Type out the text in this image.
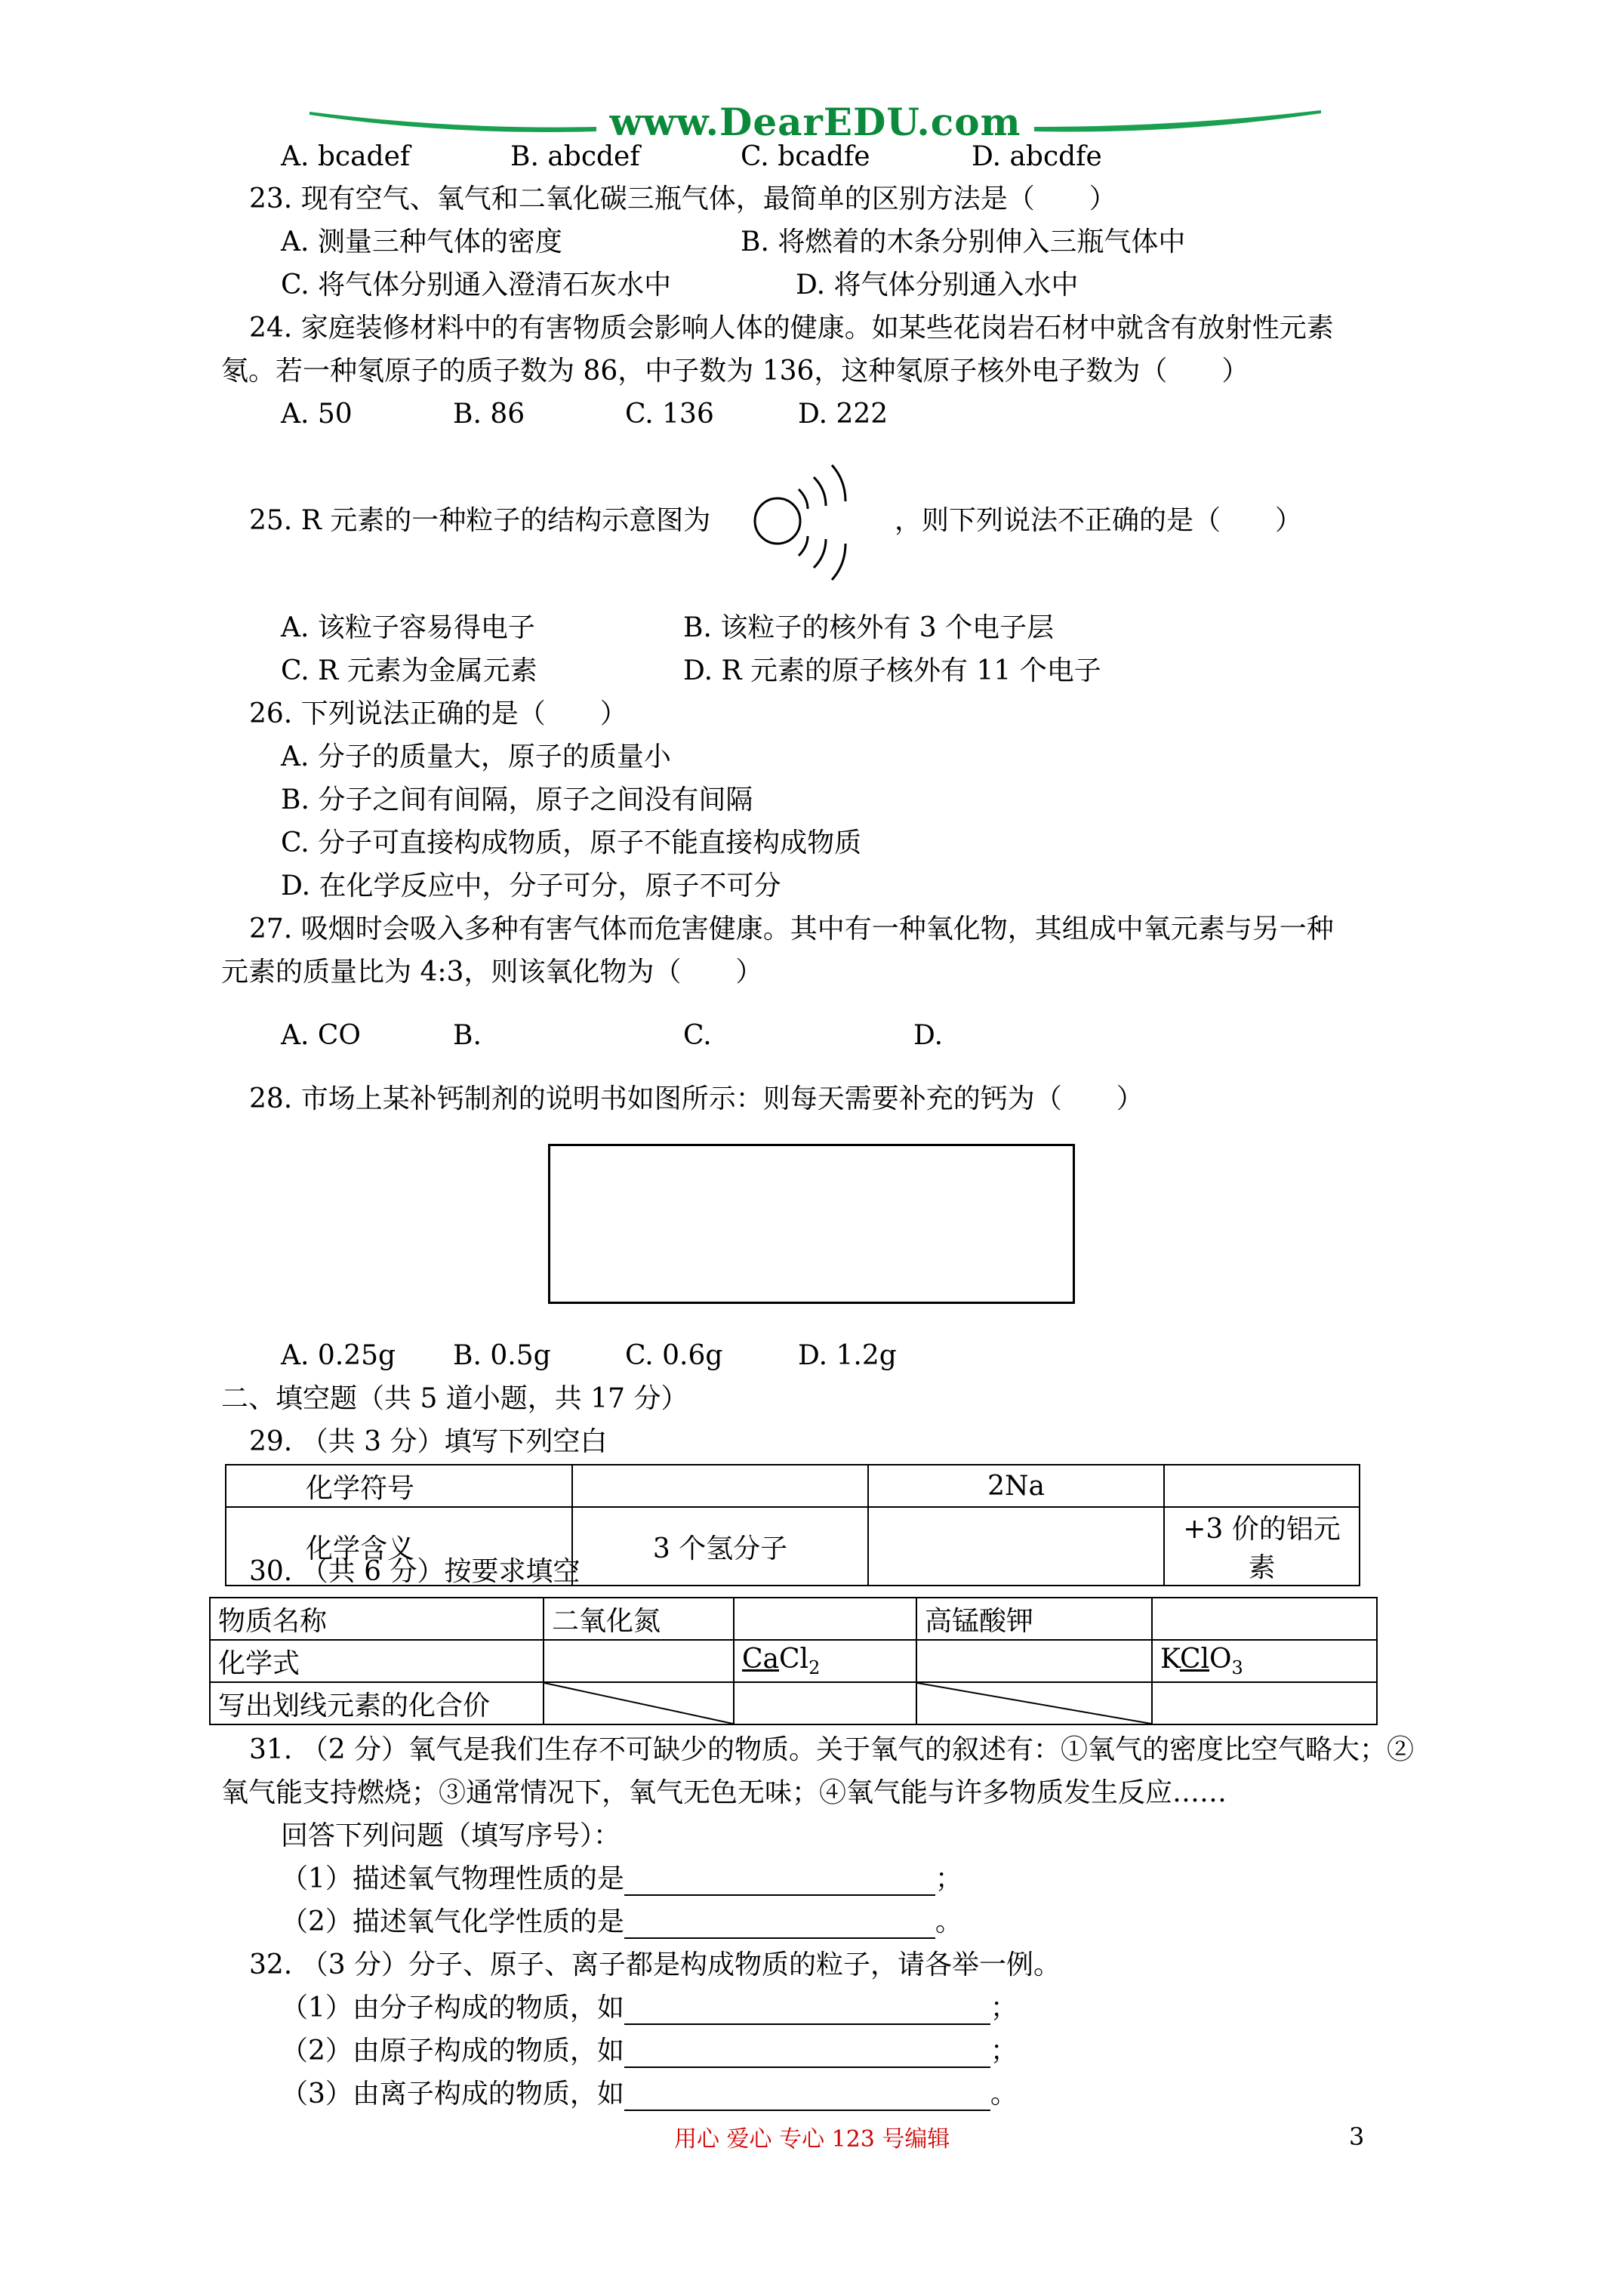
www.DearEDU.com
A. bcadef	B. abcdef	C. bcadfe	D. abcdfe
23. 现有空气、氧气和二氧化碳三瓶气体，最简单的区别方法是（　　）
A. 测量三种气体的密度	B. 将燃着的木条分别伸入三瓶气体中
C. 将气体分别通入澄清石灰水中	D. 将气体分别通入水中
24. 家庭装修材料中的有害物质会影响人体的健康。如某些花岗岩石材中就含有放射性元素
氡。若一种氡原子的质子数为 86，中子数为 136，这种氡原子核外电子数为（　　）
A. 50	B. 86	C. 136	D. 222
25. R 元素的一种粒子的结构示意图为	，则下列说法不正确的是（　　）
A. 该粒子容易得电子	B. 该粒子的核外有 3 个电子层
C. R 元素为金属元素	D. R 元素的原子核外有 11 个电子
26. 下列说法正确的是（　　）
A. 分子的质量大，原子的质量小
B. 分子之间有间隔，原子之间没有间隔
C. 分子可直接构成物质，原子不能直接构成物质
D. 在化学反应中，分子可分，原子不可分
27. 吸烟时会吸入多种有害气体而危害健康。其中有一种氧化物，其组成中氧元素与另一种
元素的质量比为 4:3，则该氧化物为（　　）
A. CO	B.	C.	D.
28. 市场上某补钙制剂的说明书如图所示：则每天需要补充的钙为（　　）
A. 0.25g B. 0.5g	C. 0.6g	D. 1.2g
二、填空题（共 5 道小题，共 17 分）
29. （共 3 分）填写下列空白
化学符号		2Na	
化学含义	3 个氢分子		+3 价的铝元素
30. （共 6 分）按要求填空
物质名称	二氧化氮		高锰酸钾	
化学式		CaCl$_2$		KClO$_3$
写出划线元素的化合价	

31. （2 分）氧气是我们生存不可缺少的物质。关于氧气的叙述有：①氧气的密度比空气略大；②
氧气能支持燃烧；③通常情况下，氧气无色无味；④氧气能与许多物质发生反应……
回答下列问题（填写序号）：
（1）描述氧气物理性质的是	；
（2）描述氧气化学性质的是	。
32. （3 分）分子、原子、离子都是构成物质的粒子，请各举一例。
（1）由分子构成的物质，如	；
（2）由原子构成的物质，如	；
（3）由离子构成的物质，如	。
用心 爱心 专心 123 号编辑	3
